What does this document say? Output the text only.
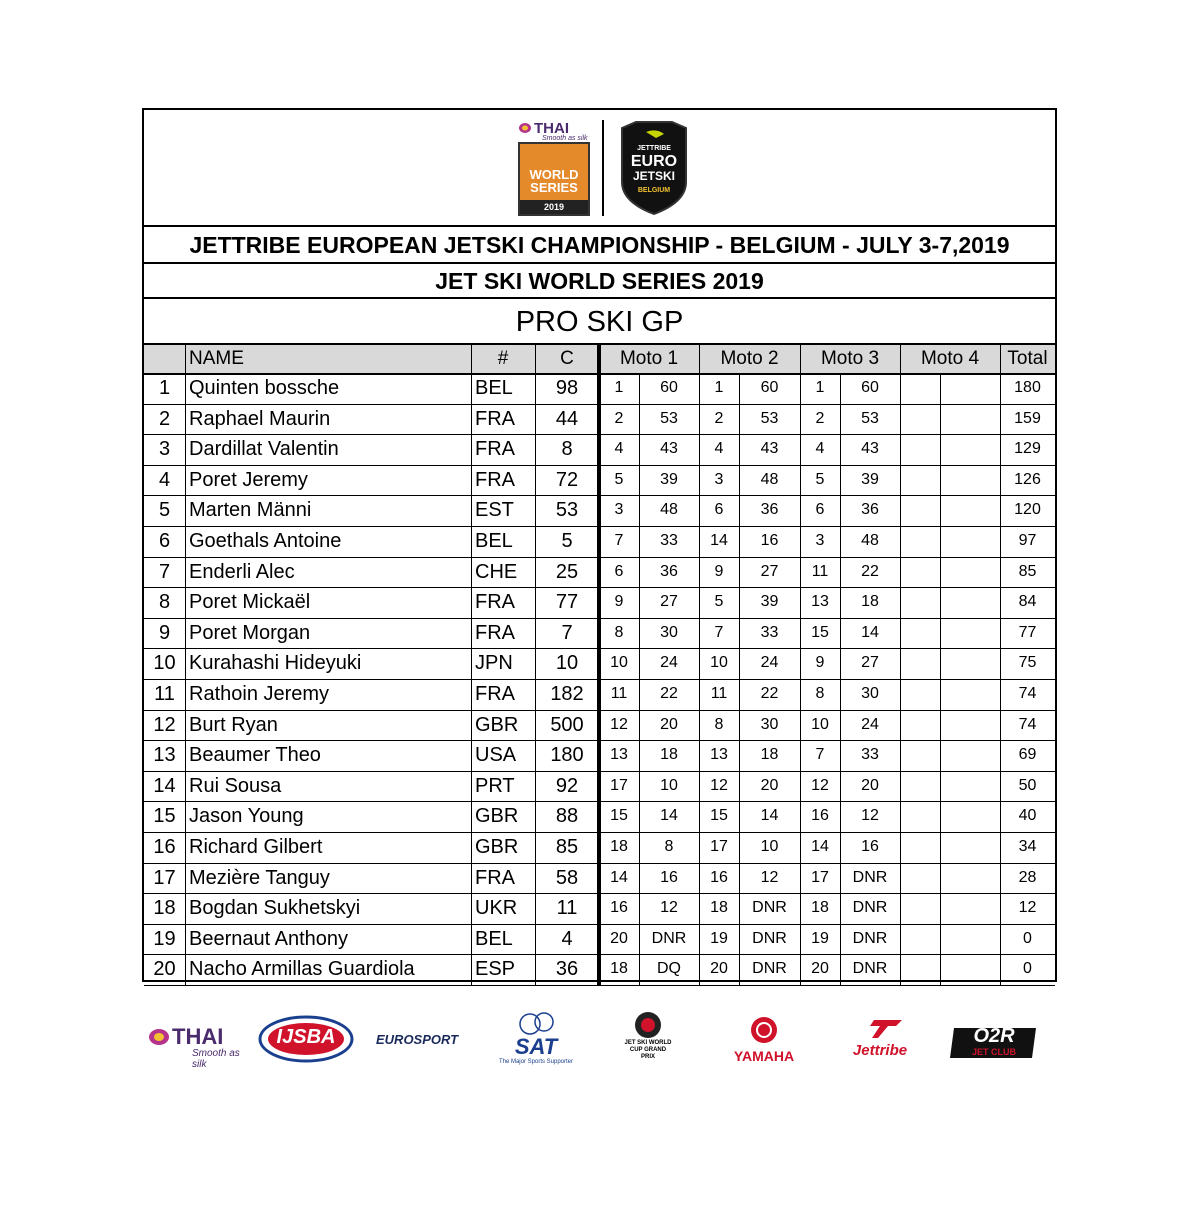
THAI
Smooth as silk
WORLD
SERIES
2019
JETTRIBE
EURO
JETSKI
BELGIUM
JETTRIBE EUROPEAN JETSKI CHAMPIONSHIP - BELGIUM - JULY 3-7,2019
JET SKI WORLD SERIES 2019
PRO SKI GP
NAME	#	C	Moto 1	Moto 2	Moto 3	Moto 4	Total
1 Quinten bossche	BEL	98	1	60	1	60	1	60	180
2 Raphael Maurin	FRA	44	2	53	2	53	2	53	159
3 Dardillat Valentin	FRA	8	4	43	4	43	4	43	129
4 Poret Jeremy	FRA	72	5	39	3	48	5	39	126
5 Marten Männi	EST	53	3	48	6	36	6	36	120
6 Goethals Antoine	BEL	5	7	33	14	16	3	48	97
7 Enderli Alec	CHE	25	6	36	9	27	11	22	85
8 Poret Mickaël	FRA	77	9	27	5	39	13	18	84
9 Poret Morgan	FRA	7	8	30	7	33	15	14	77
10 Kurahashi Hideyuki	JPN	10	10	24	10	24	9	27	75
11 Rathoin Jeremy	FRA	182	11	22	11	22	8	30	74
12 Burt Ryan	GBR	500	12	20	8	30	10	24	74
13 Beaumer Theo	USA	180	13	18	13	18	7	33	69
14 Rui Sousa	PRT	92	17	10	12	20	12	20	50
15 Jason Young	GBR	88	15	14	15	14	16	12	40
16 Richard Gilbert	GBR	85	18	8	17	10	14	16	34
17 Mezière Tanguy	FRA	58	14	16	16	12	17	DNR	28
18 Bogdan Sukhetskyi	UKR	11	16	12	18	DNR	18	DNR	12
19 Beernaut Anthony	BEL	4	20	DNR	19	DNR	19	DNR	0
20 Nacho Armillas Guardiola	ESP	36	18	DQ	20	DNR	20	DNR	0
THAI
Smooth as silk
IJSBA	EUROSPORT	SAT
The Major Sports Supporter
JET SKI WORLD CUP GRAND PRIX	YAMAHA	Jettribe
O2R
JET CLUB
